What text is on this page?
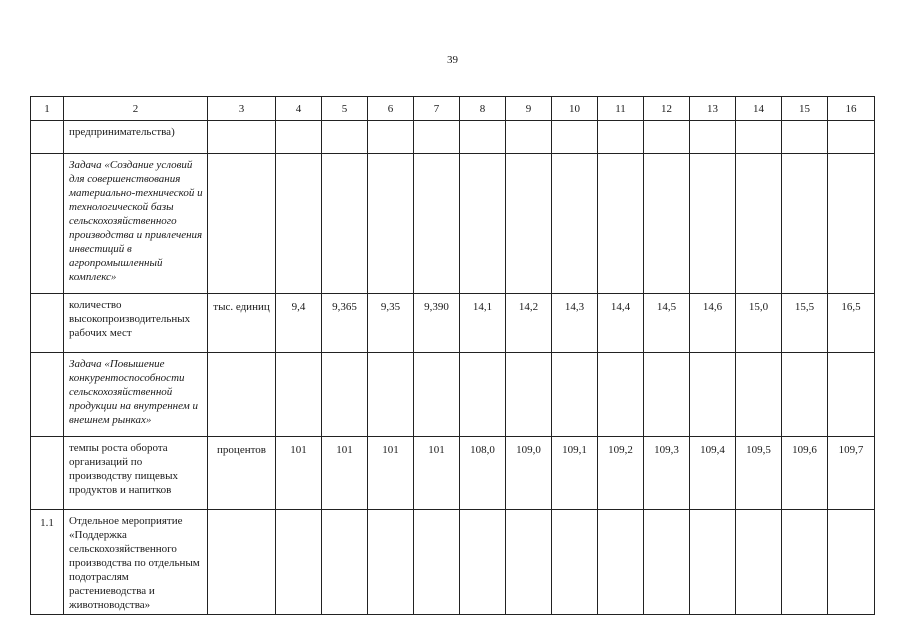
39
1	2	3	4	5	6	7	8	9	10	11	12	13	14	15	16
	предпринимательства)														
	Задача «Создание условий для совершенствования материально-технической и технологической базы сельскохозяйственного производства и привлечения инвестиций в агропромышленный комплекс»														
	количество высокопроизводительных рабочих мест	тыс. единиц	9,4	9,365	9,35	9,390	14,1	14,2	14,3	14,4	14,5	14,6	15,0	15,5	16,5
	Задача «Повышение конкурентоспособности сельскохозяйственной продукции на внутреннем и внешнем рынках»														
	темпы роста оборота организаций по производству пищевых продуктов и напитков	процентов	101	101	101	101	108,0	109,0	109,1	109,2	109,3	109,4	109,5	109,6	109,7
1.1	Отдельное мероприятие «Поддержка сельскохозяйственного производства по отдельным подотраслям растениеводства и животноводства»														
